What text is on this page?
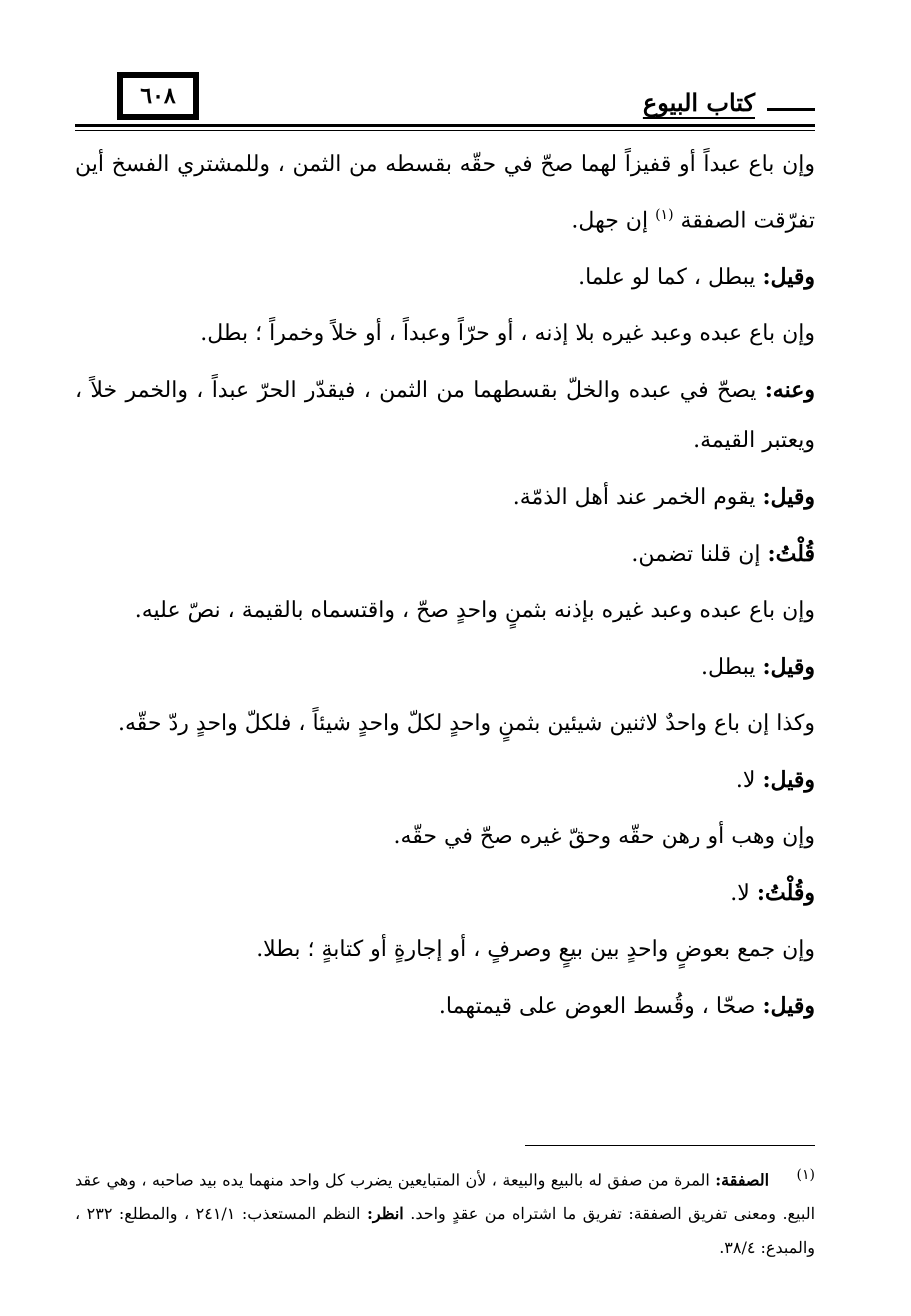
٦٠٨	كتاب البيوع

وإن باع عبداً أو قفيزاً لهما صحّ في حقّه بقسطه من الثمن ، وللمشتري الفسخ أين تفرّقت الصفقة $^{(١)}$ إن جهل.

وقيل: يبطل ، كما لو علما.

وإن باع عبده وعبد غيره بلا إذنه ، أو حرّاً وعبداً ، أو خلاً وخمراً ؛ بطل.

وعنه: يصحّ في عبده والخلّ بقسطهما من الثمن ، فيقدّر الحرّ عبداً ، والخمر خلاً ، ويعتبر القيمة.

وقيل: يقوم الخمر عند أهل الذمّة.

قُلْتُ: إن قلنا تضمن.

وإن باع عبده وعبد غيره بإذنه بثمنٍ واحدٍ صحّ ، واقتسماه بالقيمة ، نصّ عليه.

وقيل: يبطل.

وكذا إن باع واحدٌ لاثنين شيئين بثمنٍ واحدٍ لكلّ واحدٍ شيئاً ، فلكلّ واحدٍ ردّ حقّه.

وقيل: لا.

وإن وهب أو رهن حقّه وحقّ غيره صحّ في حقّه.

وقُلْتُ: لا.

وإن جمع بعوضٍ واحدٍ بين بيعٍ وصرفٍ ، أو إجارةٍ أو كتابةٍ ؛ بطلا.

وقيل: صحّا ، وقُسط العوض على قيمتهما.

(١) الصفقة: المرة من صفق له بالبيع والبيعة ، لأن المتبايعين يضرب كل واحد منهما يده بيد صاحبه ، وهي عقد البيع. ومعنى تفريق الصفقة: تفريق ما اشتراه من عقدٍ واحد. انظر: النظم المستعذب: ٢٤١/١ ، والمطلع: ٢٣٢ ، والمبدع: ٣٨/٤.
